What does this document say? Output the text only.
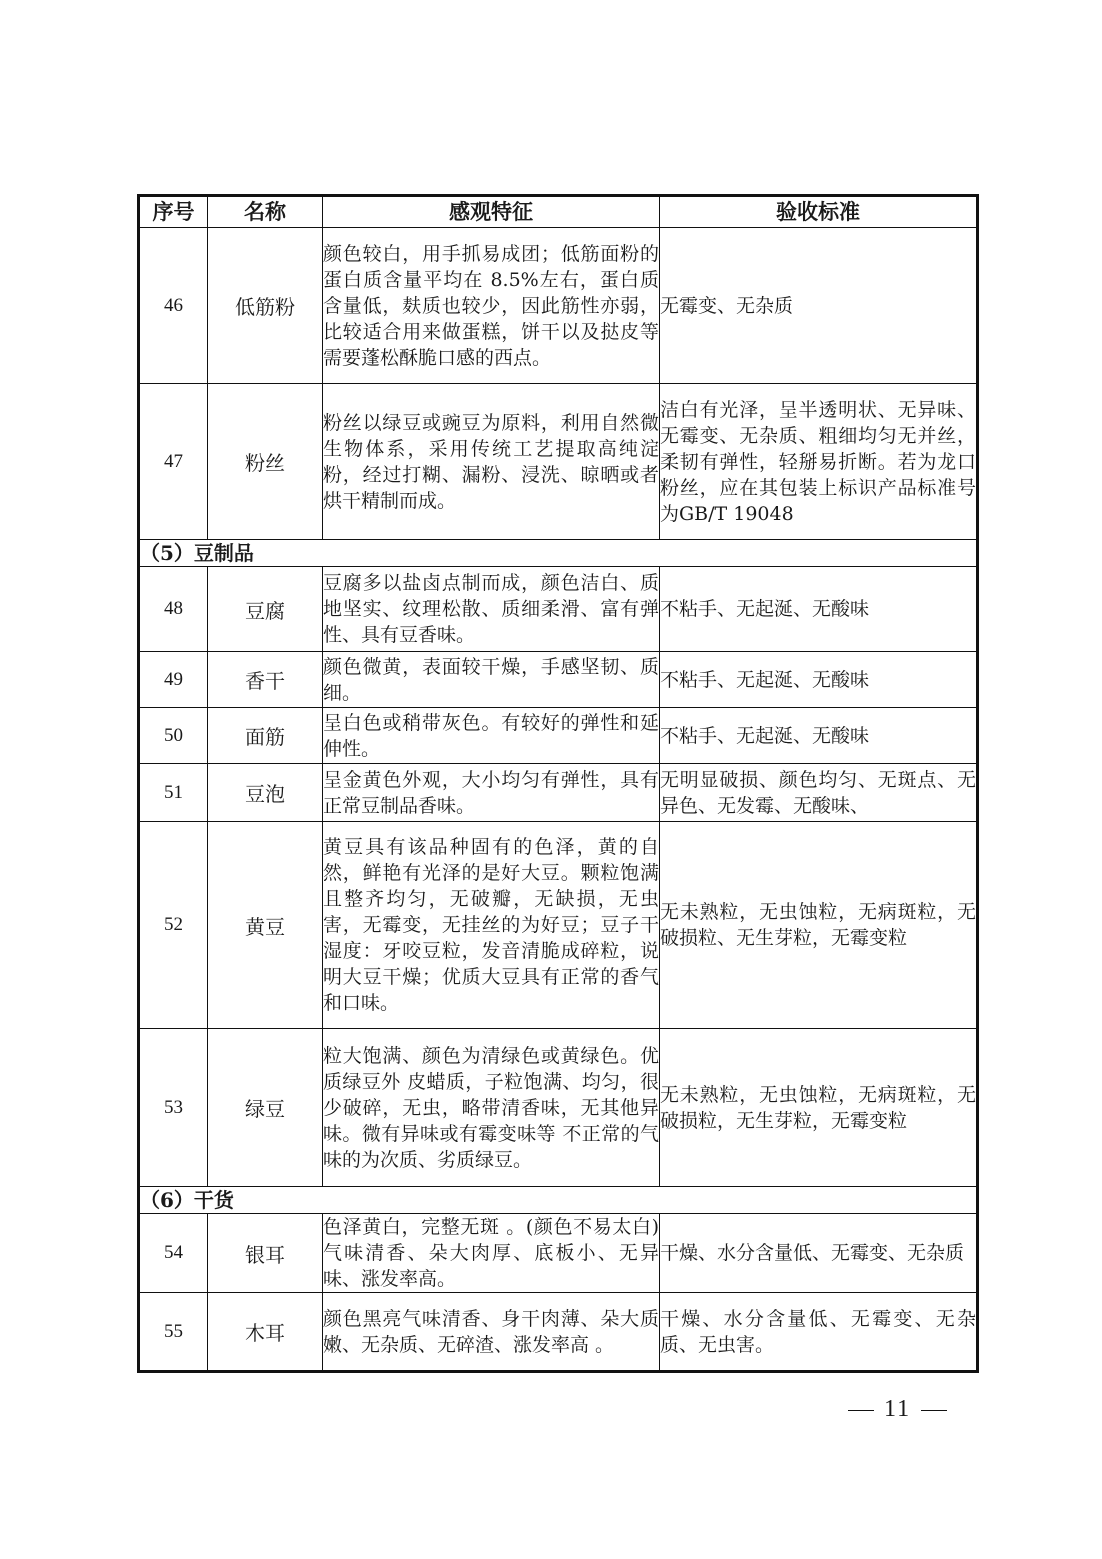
序号	名称	感观特征	验收标准
46	低筋粉	颜色较白，用手抓易成团；低筋面粉的蛋白质含量平均在 8.5%左右，蛋白质含量低，麸质也较少，因此筋性亦弱，比较适合用来做蛋糕，饼干以及挞皮等需要蓬松酥脆口感的西点。	无霉变、无杂质
47	粉丝	粉丝以绿豆或豌豆为原料，利用自然微生物体系，采用传统工艺提取高纯淀粉，经过打糊、漏粉、浸洗、晾晒或者烘干精制而成。	洁白有光泽，呈半透明状、无异味、无霉变、无杂质、粗细均匀无并丝，柔韧有弹性，轻掰易折断。若为龙口粉丝，应在其包装上标识产品标准号为GB/T 19048
（5）豆制品			
48	豆腐	豆腐多以盐卤点制而成，颜色洁白、质地坚实、纹理松散、质细柔滑、富有弹性、具有豆香味。	不粘手、无起涎、无酸味
49	香干	颜色微黄，表面较干燥，手感坚韧、质细。	不粘手、无起涎、无酸味
50	面筋	呈白色或稍带灰色。有较好的弹性和延伸性。	不粘手、无起涎、无酸味
51	豆泡	呈金黄色外观，大小均匀有弹性，具有正常豆制品香味。	无明显破损、颜色均匀、无斑点、无异色、无发霉、无酸味、
52	黄豆	黄豆具有该品种固有的色泽，黄的自然，鲜艳有光泽的是好大豆。颗粒饱满且整齐均匀，无破瓣，无缺损，无虫害，无霉变，无挂丝的为好豆；豆子干湿度：牙咬豆粒，发音清脆成碎粒，说明大豆干燥；优质大豆具有正常的香气和口味。	无未熟粒，无虫蚀粒，无病斑粒，无破损粒、无生芽粒，无霉变粒
53	绿豆	粒大饱满、颜色为清绿色或黄绿色。优质绿豆外 皮蜡质，子粒饱满、均匀，很少破碎，无虫，略带清香味，无其他异味。微有异味或有霉变味等 不正常的气味的为次质、劣质绿豆。	无未熟粒，无虫蚀粒，无病斑粒，无破损粒，无生芽粒，无霉变粒
（6）干货			
54	银耳	色泽黄白，完整无斑 。(颜色不易太白)气味清香、朵大肉厚、底板小、无异味、涨发率高。	干燥、水分含量低、无霉变、无杂质
55	木耳	颜色黑亮气味清香、身干肉薄、朵大质嫩、无杂质、无碎渣、涨发率高 。	干燥、水分含量低、无霉变、无杂质、无虫害。
11
